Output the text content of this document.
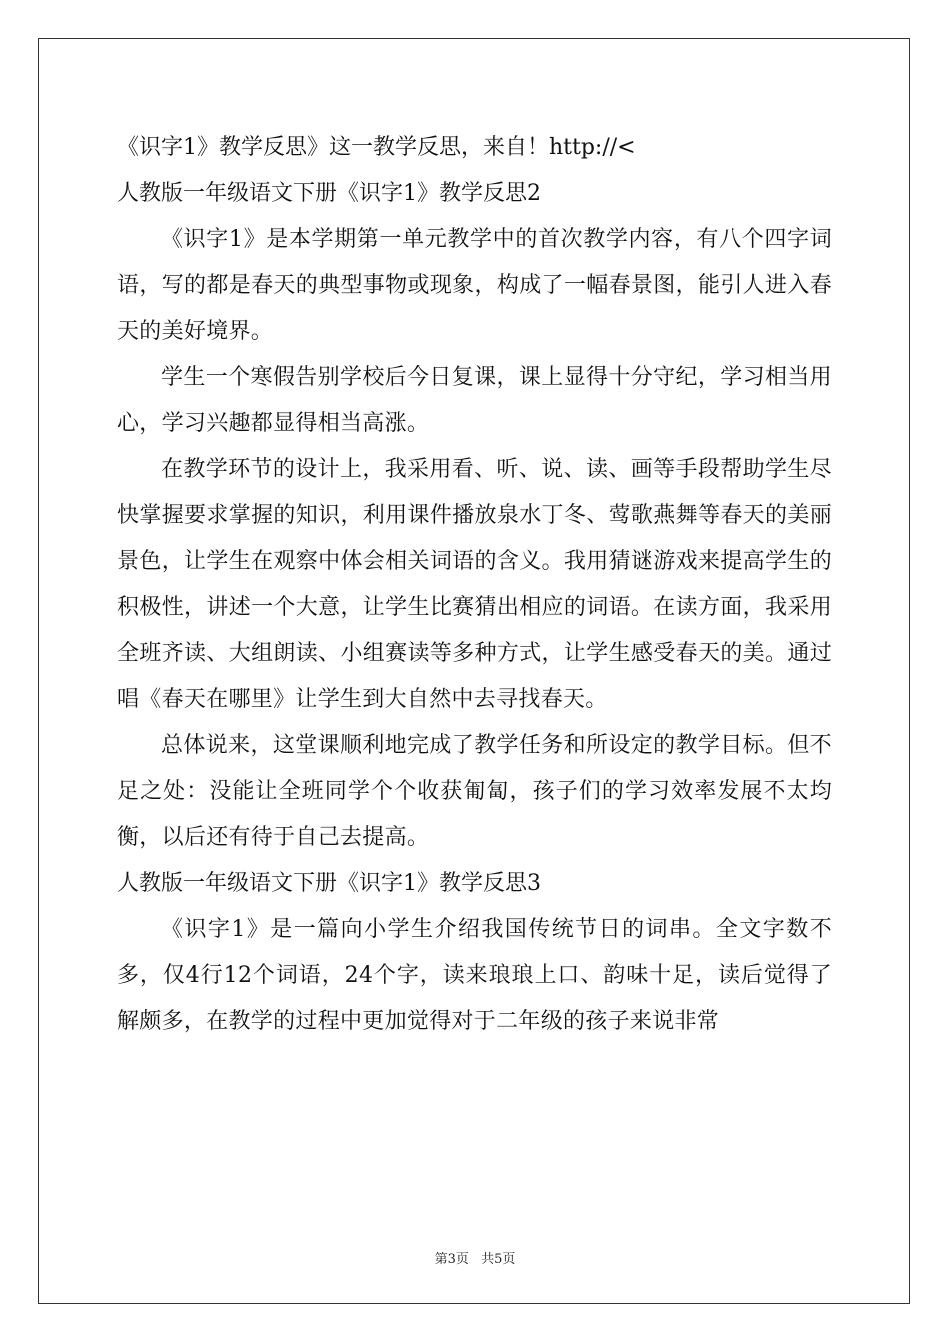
《识字1》教学反思》这一教学反思，来自！http://<

人教版一年级语文下册《识字1》教学反思2

《识字1》是本学期第一单元教学中的首次教学内容，有八个四字词语，写的都是春天的典型事物或现象，构成了一幅春景图，能引人进入春天的美好境界。

学生一个寒假告别学校后今日复课，课上显得十分守纪，学习相当用心，学习兴趣都显得相当高涨。

在教学环节的设计上，我采用看、听、说、读、画等手段帮助学生尽快掌握要求掌握的知识，利用课件播放泉水丁冬、莺歌燕舞等春天的美丽景色，让学生在观察中体会相关词语的含义。我用猜谜游戏来提高学生的积极性，讲述一个大意，让学生比赛猜出相应的词语。在读方面，我采用全班齐读、大组朗读、小组赛读等多种方式，让学生感受春天的美。通过唱《春天在哪里》让学生到大自然中去寻找春天。

总体说来，这堂课顺利地完成了教学任务和所设定的教学目标。但不足之处：没能让全班同学个个收获匍匐，孩子们的学习效率发展不太均衡，以后还有待于自己去提高。

人教版一年级语文下册《识字1》教学反思3

《识字1》是一篇向小学生介绍我国传统节日的词串。全文字数不多，仅4行12个词语，24个字，读来琅琅上口、韵味十足，读后觉得了解颇多，在教学的过程中更加觉得对于二年级的孩子来说非常

第3页 共5页
